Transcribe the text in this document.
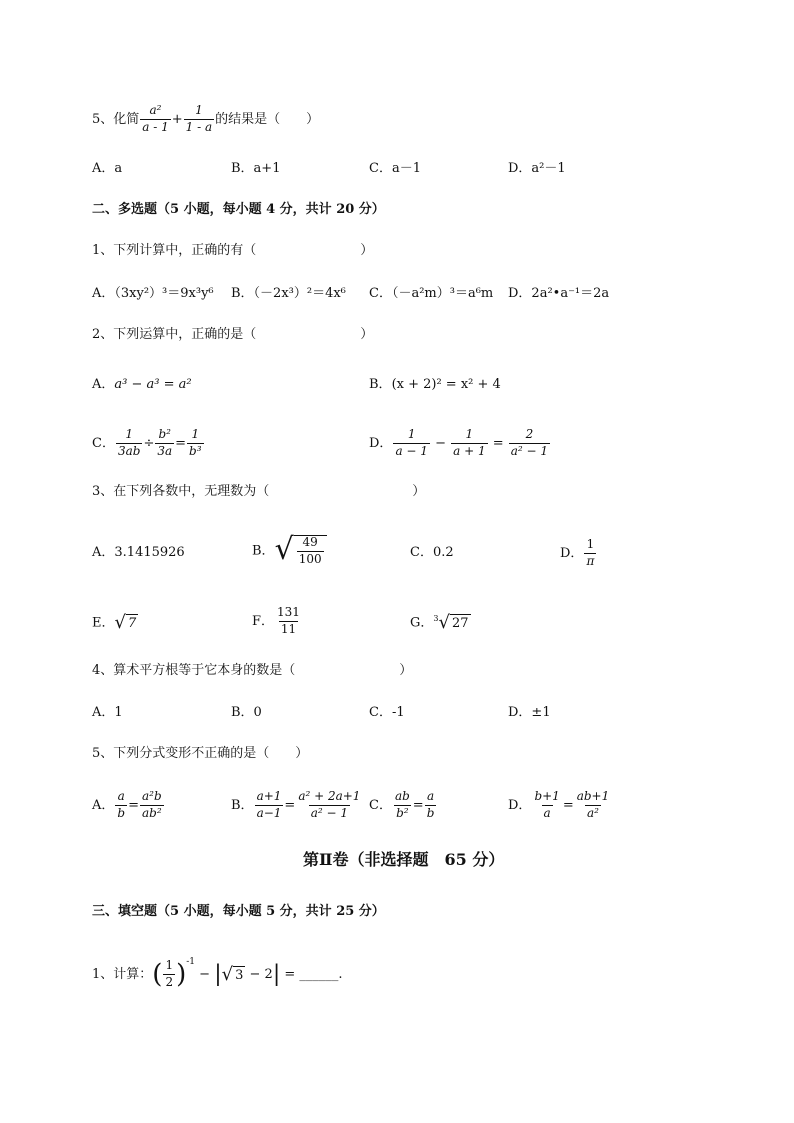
5、化简 $\frac{\text{a²}}{a - 1} + \frac{1}{1 - a}$ 的结果是（　　）
A．a	B．a+1	C．a－1	D．a²－1
二、多选题（5 小题，每小题 4 分，共计 20 分）
1、下列计算中，正确的有（　　　　　　　　）
A．（3xy²）³＝9x³y⁶ B．（－2x³）²＝4x⁶ C．（－a²m）³＝a⁶m D．2a²•a⁻¹＝2a
2、下列运算中，正确的是（　　　　　　　　）
A．a³ − a³ = a²	B．(x + 2)² = x² + 4
C． $\frac{1}{3ab} \div \frac{\text{b²}}{3a} = \frac{1}{\text{b³}}$	D． $\frac{1}{a - 1} - \frac{1}{a + 1} = \frac{2}{\text{a² − 1}}$
3、在下列各数中，无理数为（　　　　　　　　　　　）
A．3.1415926	B． √ 49
100	C．0.2	D． $\frac{1}{\pi}$
E． √ 7	F． $\frac{131}{11}$	G．$^3$ √ 27
4、算术平方根等于它本身的数是（　　　　　　　　）
A．1	B．0	C．-1	D．±1
5、下列分式变形不正确的是（　　）
A． $\frac{a}{b} = \frac{\text{a²b}}{\text{ab²}}$	B． $\frac{a+1}{a-1} = \frac{\text{a² + 2a+1}}{\text{a² − 1}}$ C． $\frac{ab}{\text{b²}} = \frac{a}{b}$	D． $\frac{b+1}{a} = \frac{ab+1}{\text{a²}}$
第Ⅱ卷（非选择题　65 分）
三、填空题（5 小题，每小题 5 分，共计 25 分）
1、计算：( $\frac{1}{2} )^{-1}$ − | √ 3 − 2| = ______.
